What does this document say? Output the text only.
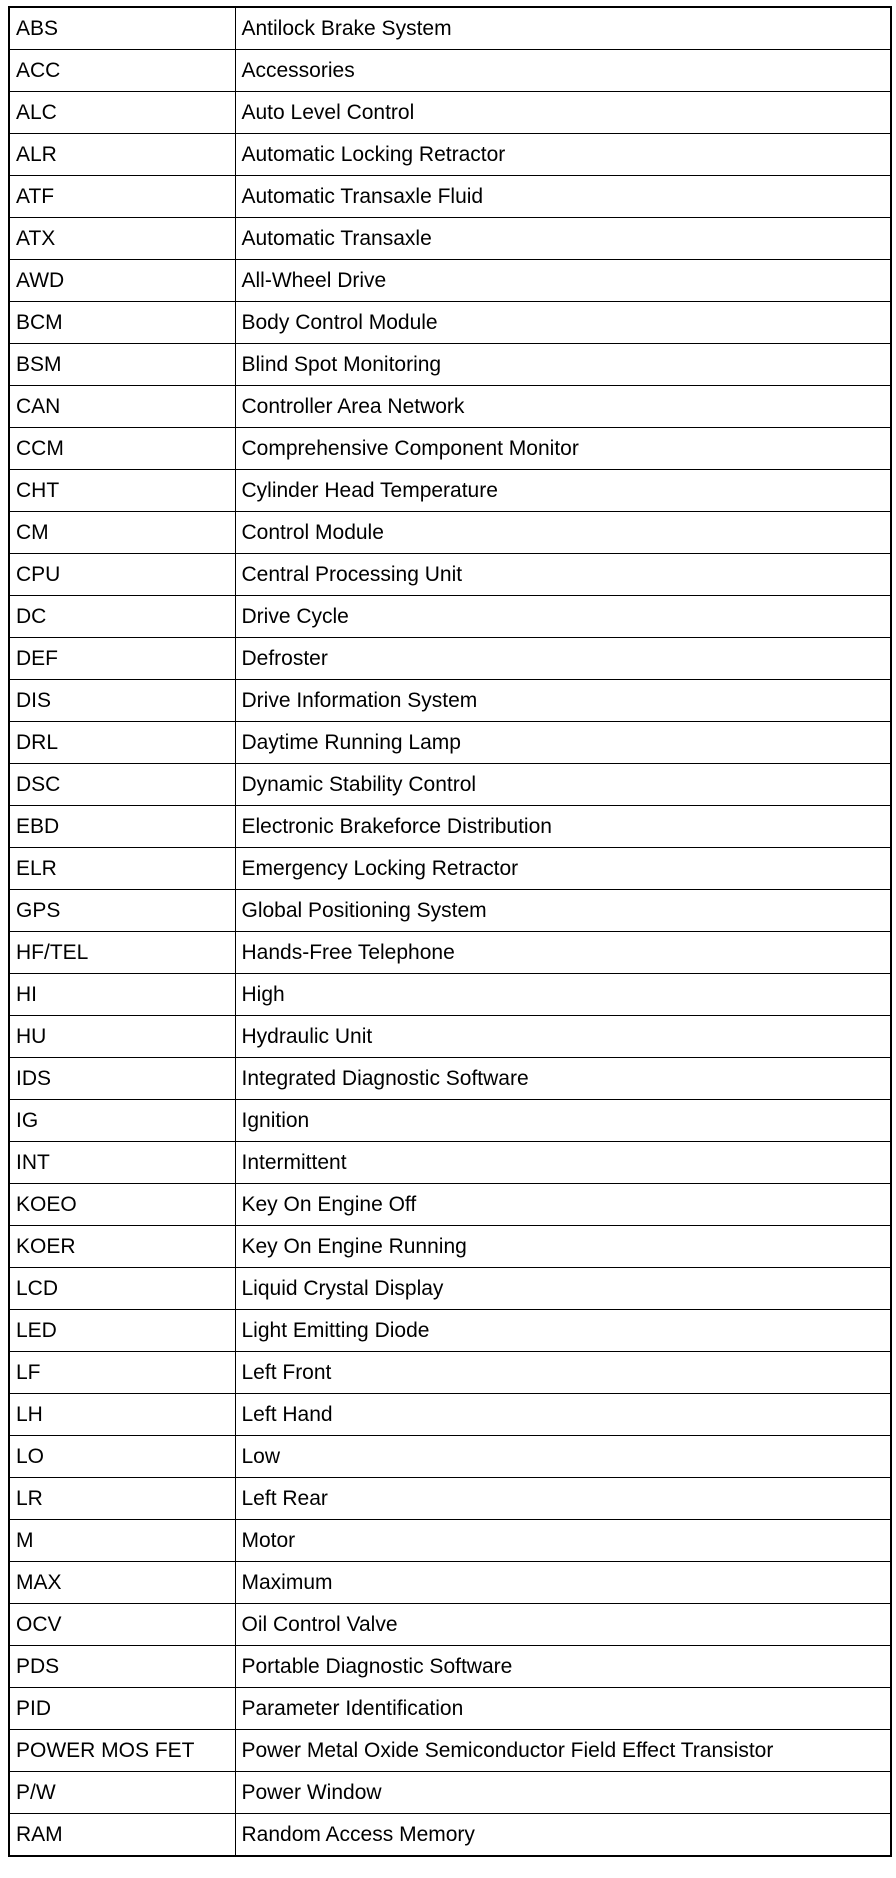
ABS	Antilock Brake System
ACC	Accessories
ALC	Auto Level Control
ALR	Automatic Locking Retractor
ATF	Automatic Transaxle Fluid
ATX	Automatic Transaxle
AWD	All-Wheel Drive
BCM	Body Control Module
BSM	Blind Spot Monitoring
CAN	Controller Area Network
CCM	Comprehensive Component Monitor
CHT	Cylinder Head Temperature
CM	Control Module
CPU	Central Processing Unit
DC	Drive Cycle
DEF	Defroster
DIS	Drive Information System
DRL	Daytime Running Lamp
DSC	Dynamic Stability Control
EBD	Electronic Brakeforce Distribution
ELR	Emergency Locking Retractor
GPS	Global Positioning System
HF/TEL	Hands-Free Telephone
HI	High
HU	Hydraulic Unit
IDS	Integrated Diagnostic Software
IG	Ignition
INT	Intermittent
KOEO	Key On Engine Off
KOER	Key On Engine Running
LCD	Liquid Crystal Display
LED	Light Emitting Diode
LF	Left Front
LH	Left Hand
LO	Low
LR	Left Rear
M	Motor
MAX	Maximum
OCV	Oil Control Valve
PDS	Portable Diagnostic Software
PID	Parameter Identification
POWER MOS FET	Power Metal Oxide Semiconductor Field Effect Transistor
P/W	Power Window
RAM	Random Access Memory
